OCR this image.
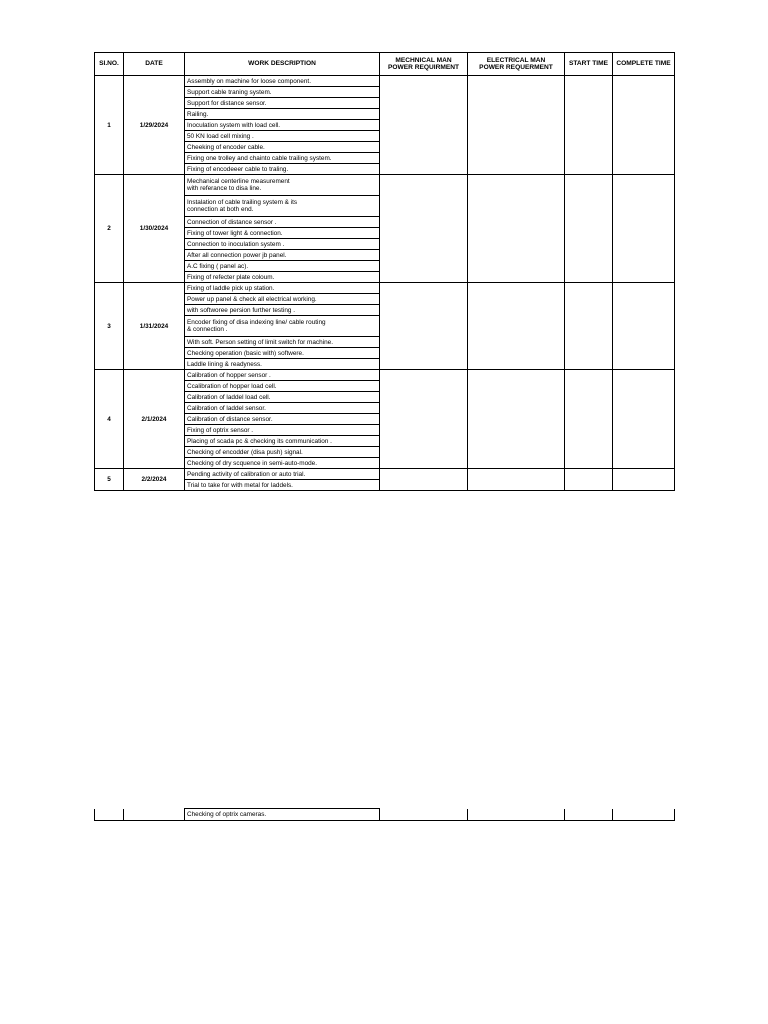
SI.NO.	DATE	WORK DESCRIPTION	MECHNICAL MAN
POWER REQUIRMENT	ELECTRICAL MAN
POWER REQUERMENT	START TIME	COMPLETE TIME
1	1/29/2024	Assembly on machine for loose component.				
		Support cable traning system.				
		Support for distance sensor.				
		Railing.				
		Inoculation system with load cell.				
		50 KN load cell mixing .				
		Cheeking of encoder cable.				
		Fixing one trolley and chainto cable trailing system.				
		Fixing of encodeeer cable to traling.				
2	1/30/2024	Mechanical centerline measurement
with referance to disa line.				
		Instalation of cable trailing system & its
connection at both end.				
		Connection of distance sensor .				
		Fixing of tower light & connection.				
		Connection to inoculation system .				
		After all connection power jb panel.				
		A.C fixing ( panel ac).				
		Fixing of refecter plate coloum.				
3	1/31/2024	Fixing of laddle pick up station.				
		Power up panel & check all electrical working.				
		with softworee persion further testing .				
		Encoder fixing of disa indexing line/ cable routing
& connection .				
		With soft. Person setting of limit switch for machine.				
		Checking operation (basic with) softwere.				
		Laddle lining & readyness.				
4	2/1/2024	Calibration of hopper sensor .				
		Ccalibration of hopper load cell.				
		Calibration of laddel load cell.				
		Calibration of laddel sensor.				
		Calibration of distance sensor.				
		Fixing of optrix sensor .				
		Placing of scada pc & checking its communication .				
		Checking of encodder (disa push) signal.				
		Checking of dry scquence in semi-auto-mode.				
5	2/2/2024	Pending activity of calibration or auto trial.				
		Trial to take for with metal for laddels.				
		Checking of optrix cameras.				
